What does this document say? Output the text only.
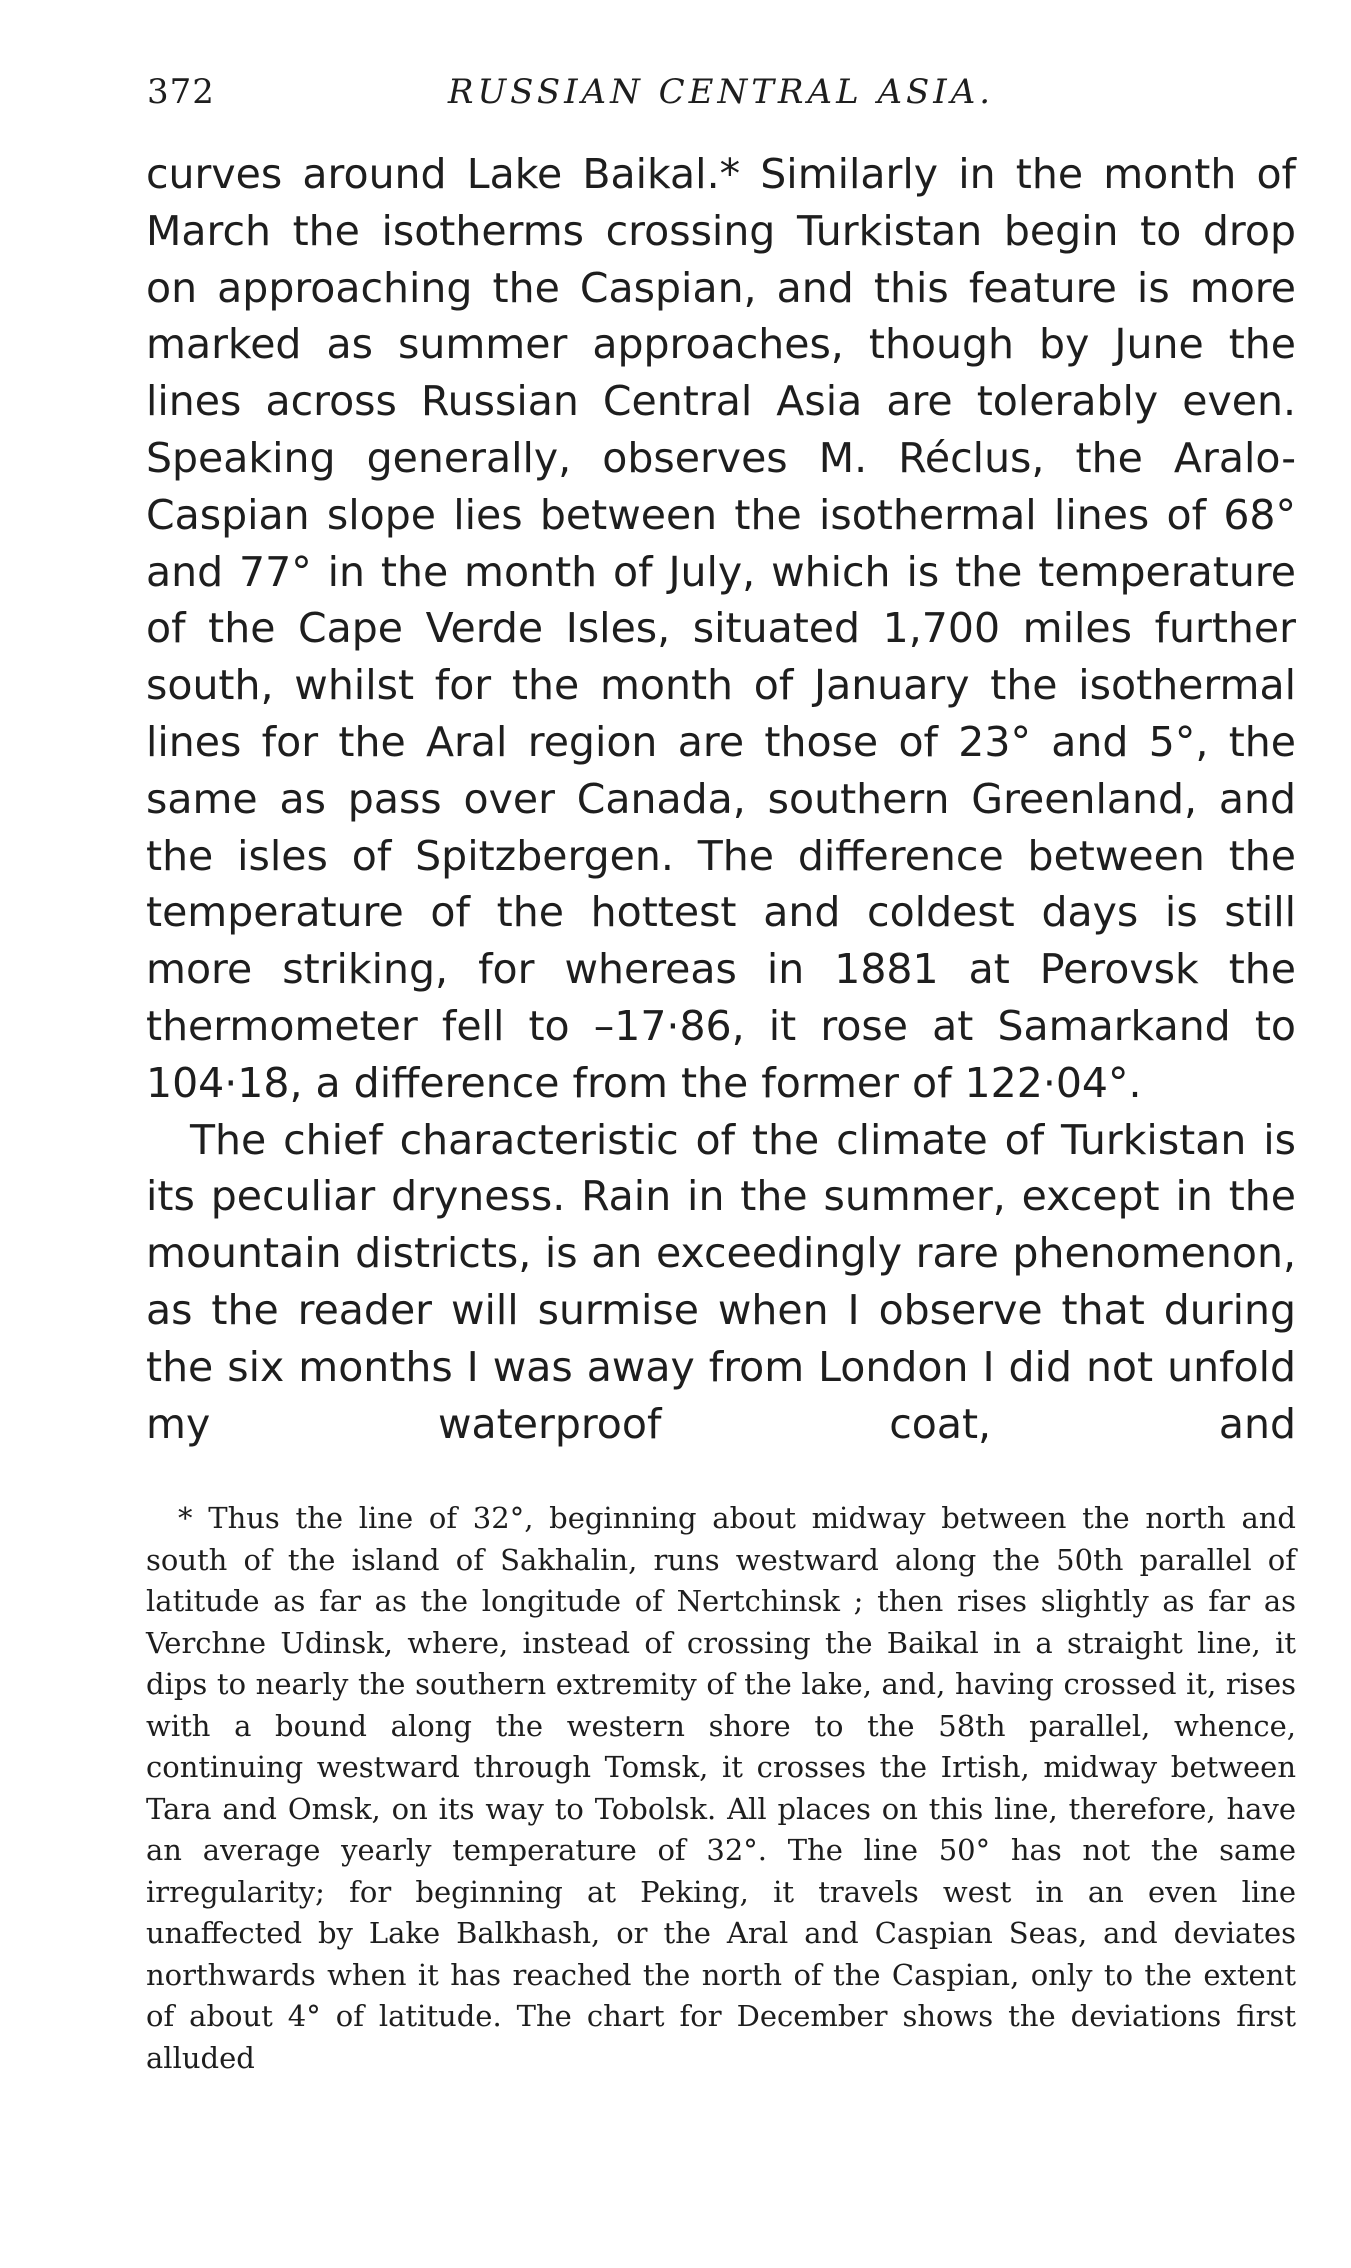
372	RUSSIAN CENTRAL ASIA.

curves around Lake Baikal.* Similarly in the month of March the isotherms crossing Turkistan begin to drop on approaching the Caspian, and this feature is more marked as summer approaches, though by June the lines across Russian Central Asia are tolerably even. Speaking generally, observes M. Réclus, the Aralo-Caspian slope lies between the isothermal lines of 68° and 77° in the month of July, which is the temperature of the Cape Verde Isles, situated 1,700 miles further south, whilst for the month of January the isothermal lines for the Aral region are those of 23° and 5°, the same as pass over Canada, southern Greenland, and the isles of Spitzbergen. The difference between the temperature of the hottest and coldest days is still more striking, for whereas in 1881 at Perovsk the thermometer fell to –17·86, it rose at Samarkand to 104·18, a difference from the former of 122·04°.

The chief characteristic of the climate of Turkistan is its peculiar dryness. Rain in the summer, except in the mountain districts, is an exceedingly rare phenomenon, as the reader will surmise when I observe that during the six months I was away from London I did not unfold my waterproof coat, and

* Thus the line of 32°, beginning about midway between the north and south of the island of Sakhalin, runs westward along the 50th parallel of latitude as far as the longitude of Nertchinsk ; then rises slightly as far as Verchne Udinsk, where, instead of crossing the Baikal in a straight line, it dips to nearly the southern extremity of the lake, and, having crossed it, rises with a bound along the western shore to the 58th parallel, whence, continuing westward through Tomsk, it crosses the Irtish, midway between Tara and Omsk, on its way to Tobolsk. All places on this line, therefore, have an average yearly temperature of 32°. The line 50° has not the same irregularity; for beginning at Peking, it travels west in an even line unaffected by Lake Balkhash, or the Aral and Caspian Seas, and deviates northwards when it has reached the north of the Caspian, only to the extent of about 4° of latitude. The chart for December shows the deviations first alluded
